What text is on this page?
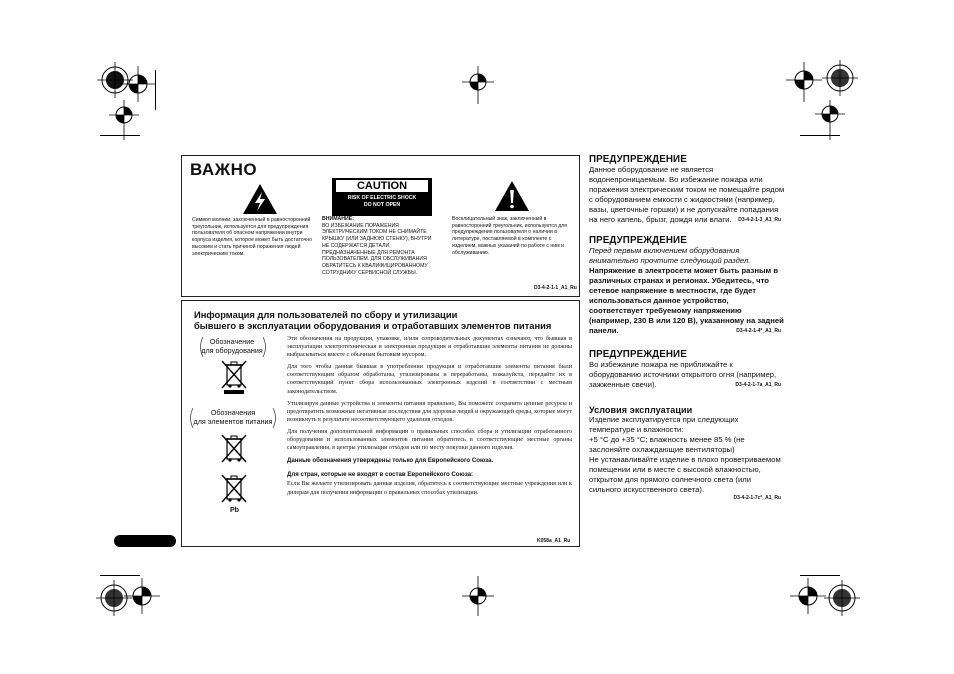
ВАЖНО
CAUTION
RISK OF ELECTRIC SHOCK
DO NOT OPEN
Символ молнии, заключенный в равносторонний треугольник, используется для предупреждения пользователя об опасном напряжении внутри корпуса изделия, которое может быть достаточно высоким и стать причиной поражения людей электрическим током.
ВНИМАНИЕ:
ВО ИЗБЕЖАНИЕ ПОРАЖЕНИЯ ЭЛЕКТРИЧЕСКИМ ТОКОМ НЕ СНИМАЙТЕ КРЫШКУ (ИЛИ ЗАДНЮЮ СТЕНКУ), ВНУТРИ НЕ СОДЕРЖАТСЯ ДЕТАЛИ, ПРЕДНАЗНАЧЕННЫЕ ДЛЯ РЕМОНТА ПОЛЬЗОВАТЕЛЕМ. ДЛЯ ОБСЛУЖИВАНИЯ ОБРАТИТЕСЬ К КВАЛИФИЦИРОВАННОМУ СОТРУДНИКУ СЕРВИСНОЙ СЛУЖБЫ.
Восклицательный знак, заключенный в равносторонний треугольник, используется для предупреждения пользователя о наличии в литературе, поставляемой в комплекте с изделием, важных указаний по работе с ним и обслуживанию.
D3-4-2-1-1_A1_Ru
Информация для пользователей по сбору и утилизации
бывшего в эксплуатации оборудования и отработавших элементов питания
Обозначение
для оборудования
Обозначения
для элементов питания
Pb

Эти обозначения на продукции, упаковке, и/или сопроводительных документах означают, что бывшая в эксплуатации электротехническая и электронная продукция и отработавшие элементы питания не должны выбрасываться вместе с обычным бытовым мусором.

Для того чтобы данная бывшая в употреблении продукция и отработавшие элементы питания были соответствующим образом обработаны, утилизированы и переработаны, пожалуйста, передайте их в соответствующий пункт сбора использованных электронных изделий в соответствии с местным законодательством.

Утилизируя данные устройства и элементы питания правильно, Вы поможете сохранить ценные ресурсы и предотвратить возможные негативные последствия для здоровья людей и окружающей среды, которые могут возникнуть в результате несоответствующего удаления отходов.

Для получения дополнительной информации о правильных способах сбора и утилизации отработанного оборудования и использованных элементов питания обратитесь в соответствующие местные органы самоуправления, в центры утилизации отходов или по месту покупки данного изделия.

Данные обозначения утверждены только для Европейского Союза.

Для стран, которые не входят в состав Европейского Союза:

Если Вы желаете утилизировать данные изделия, обратитесь к соответствующие местные учреждения или к дилерам для получения информации о правильных способах утилизации.

K058a_A1_Ru
ПРЕДУПРЕЖДЕНИЕ
Данное оборудование не является водонепроницаемым. Во избежание пожара или поражения электрическим током не помещайте рядом с оборудованием емкости с жидкостями (например, вазы, цветочные горшки) и не допускайте попадания на него капель, брызг, дождя или влаги.	D3-4-2-1-3_A1_Ru
ПРЕДУПРЕЖДЕНИЕ
Перед первым включением оборудования внимательно прочтите следующий раздел.
Напряжение в электросети может быть разным в различных странах и регионах. Убедитесь, что сетевое напряжение в местности, где будет использоваться данное устройство, соответствует требуемому напряжению (например, 230 В или 120 В), указанному на задней панели.	D3-4-2-1-4*_A1_Ru
ПРЕДУПРЕЖДЕНИЕ
Во избежание пожара не приближайте к оборудованию источники открытого огня (например, зажженные свечи).	D3-4-2-1-7a_A1_Ru
Условия эксплуатации
Изделие эксплуатируется при следующих температуре и влажности:
+5 °C до +35 °C; влажность менее 85 % (не заслоняйте охлаждающие вентиляторы)
Не устанавливайте изделие в плохо проветриваемом помещении или в месте с высокой влажностью, открытом для прямого солнечного света (или сильного искусственного света).
D3-4-2-1-7c*_A1_Ru
